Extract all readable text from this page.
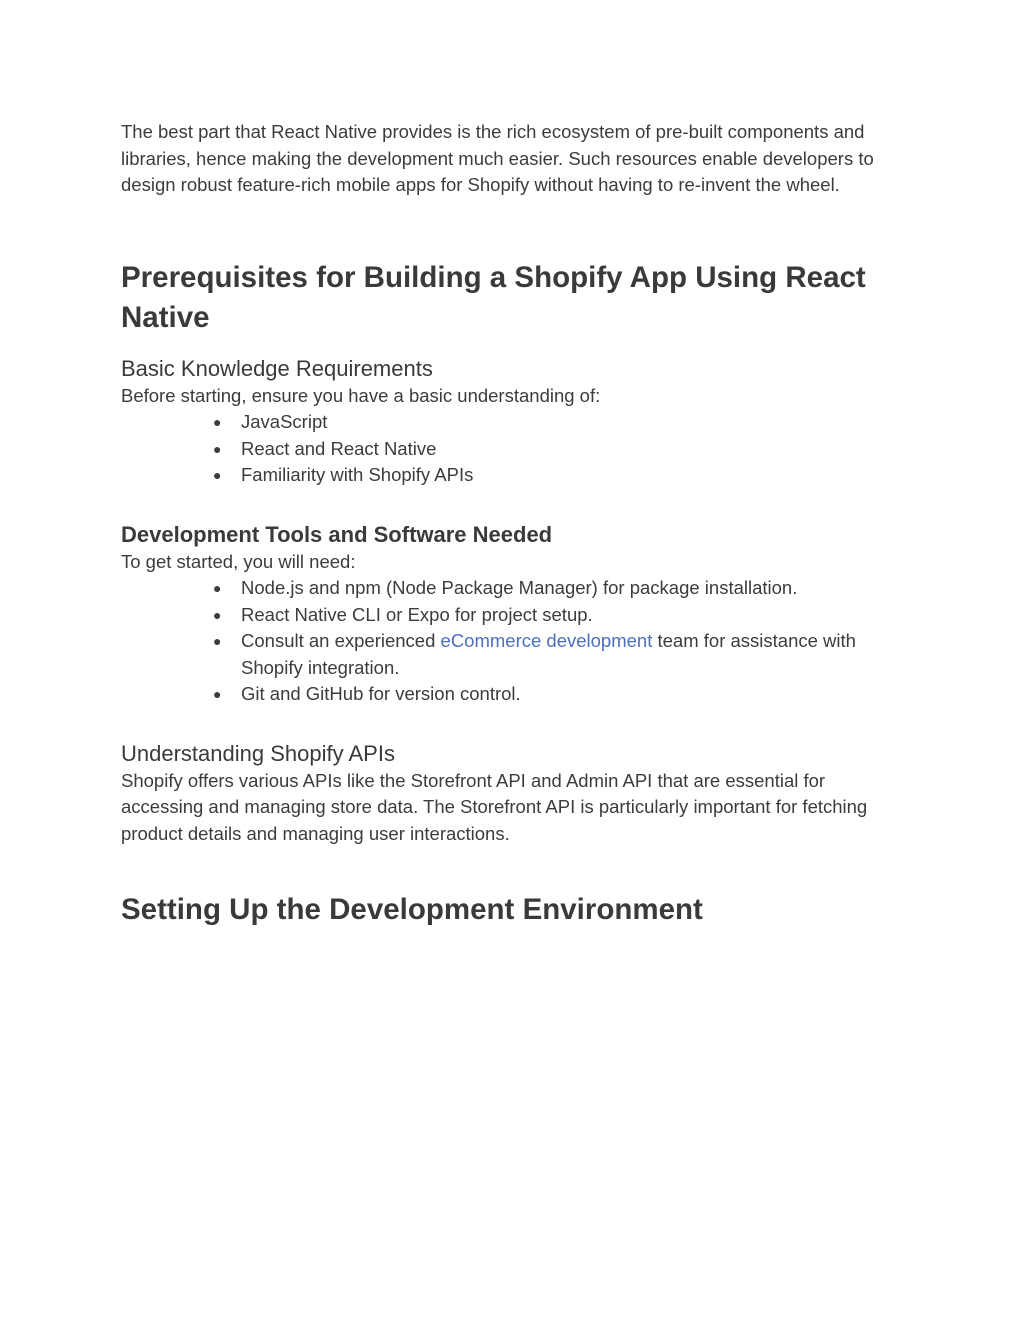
The best part that React Native provides is the rich ecosystem of pre-built components and libraries, hence making the development much easier. Such resources enable developers to design robust feature-rich mobile apps for Shopify without having to re-invent the wheel.

Prerequisites for Building a Shopify App Using React Native
Basic Knowledge Requirements

Before starting, ensure you have a basic understanding of:

● JavaScript
● React and React Native
● Familiarity with Shopify APIs
Development Tools and Software Needed

To get started, you will need:

● Node.js and npm (Node Package Manager) for package installation.
● React Native CLI or Expo for project setup.
● Consult an experienced eCommerce development team for assistance with Shopify integration.
● Git and GitHub for version control.
Understanding Shopify APIs

Shopify offers various APIs like the Storefront API and Admin API that are essential for accessing and managing store data. The Storefront API is particularly important for fetching product details and managing user interactions.

Setting Up the Development Environment
